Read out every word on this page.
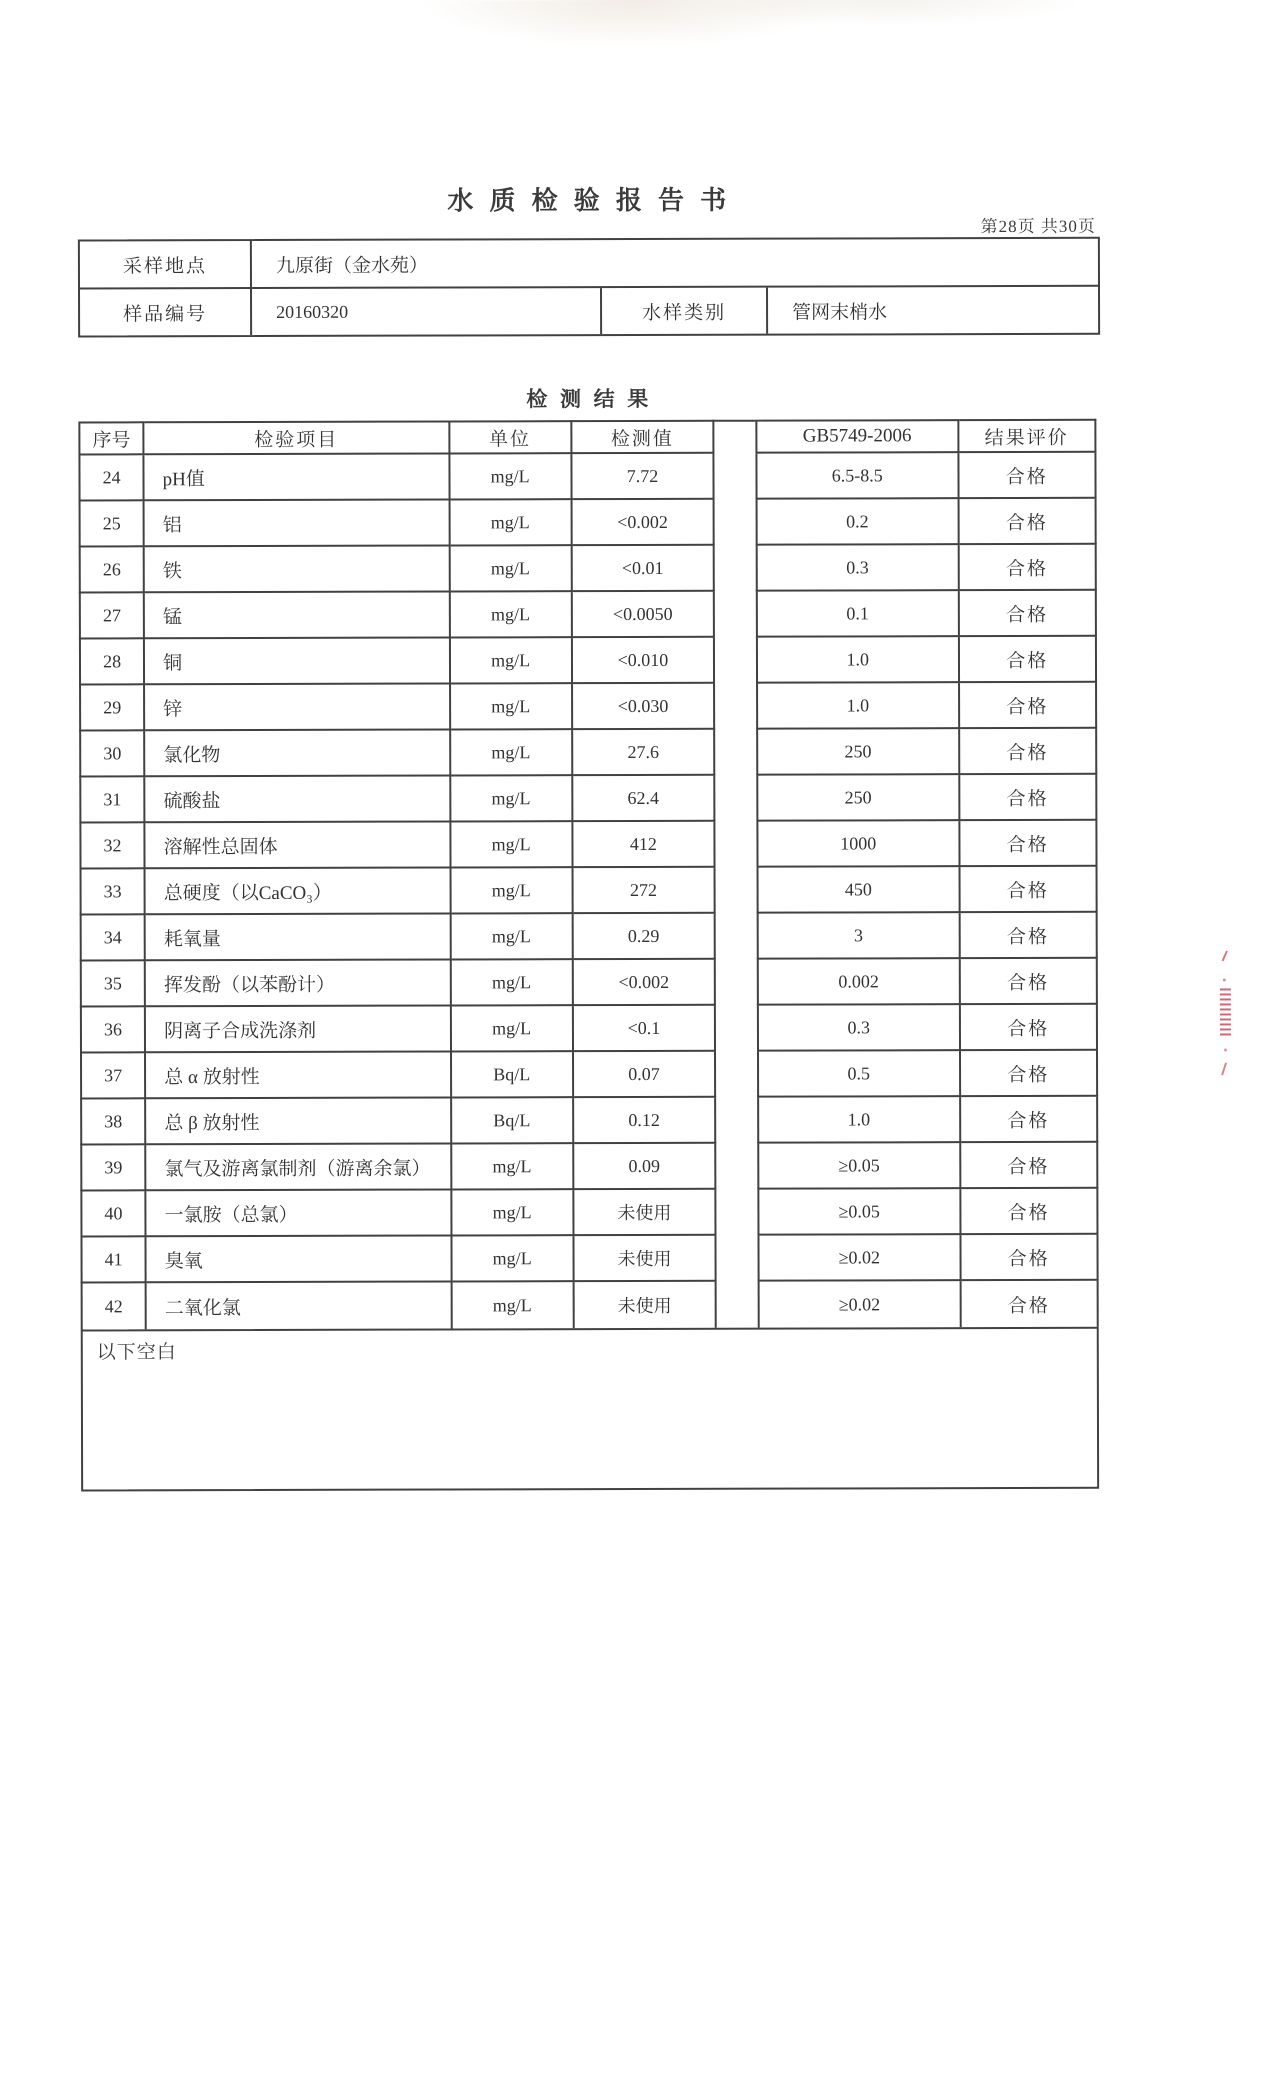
水质检验报告书
第28页 共30页
采样地点	九原街（金水苑）
样品编号	20160320	水样类别	管网末梢水
检测结果
序号	检验项目	单位	检测值	GB5749-2006	结果评价
24	pH值	mg/L	7.72	6.5-8.5	合格
25	铝	mg/L	<0.002	0.2	合格
26	铁	mg/L	<0.01	0.3	合格
27	锰	mg/L	<0.0050	0.1	合格
28	铜	mg/L	<0.010	1.0	合格
29	锌	mg/L	<0.030	1.0	合格
30	氯化物	mg/L	27.6	250	合格
31	硫酸盐	mg/L	62.4	250	合格
32	溶解性总固体	mg/L	412	1000	合格
33	总硬度（以CaCO₃）	mg/L	272	450	合格
34	耗氧量	mg/L	0.29	3	合格
35	挥发酚（以苯酚计）	mg/L	<0.002	0.002	合格
36	阴离子合成洗涤剂	mg/L	<0.1	0.3	合格
37	总 α 放射性	Bq/L	0.07	0.5	合格
38	总 β 放射性	Bq/L	0.12	1.0	合格
39	氯气及游离氯制剂（游离余氯）	mg/L	0.09	≥0.05	合格
40	一氯胺（总氯）	mg/L	未使用	≥0.05	合格
41	臭氧	mg/L	未使用	≥0.02	合格
42	二氧化氯	mg/L	未使用	≥0.02	合格
以下空白
